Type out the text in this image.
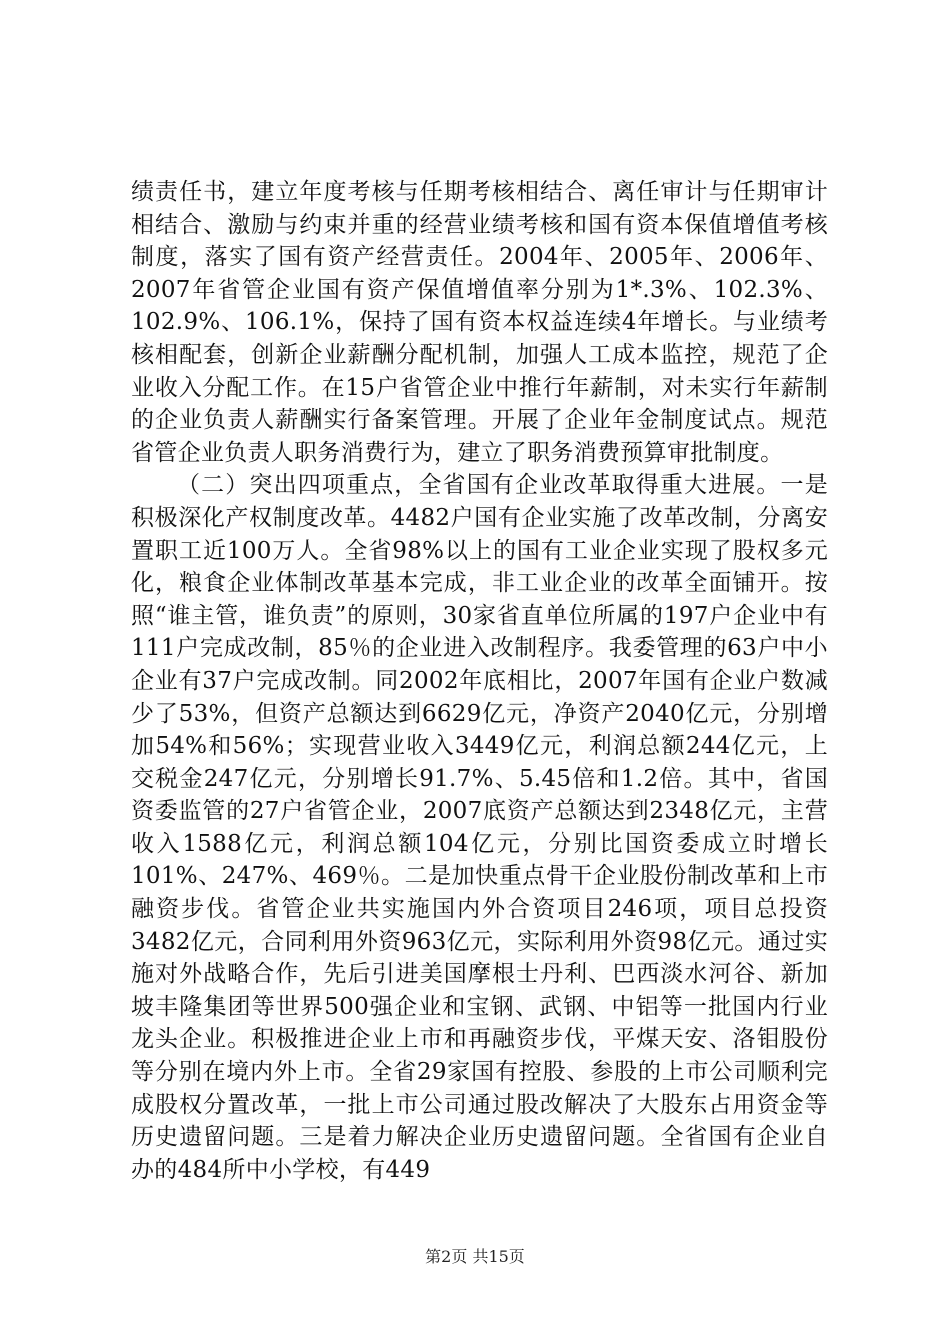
绩责任书，建立年度考核与任期考核相结合、离任审计与任期审计相结合、激励与约束并重的经营业绩考核和国有资本保值增值考核制度，落实了国有资产经营责任。2004年、2005年、2006年、2007年省管企业国有资产保值增值率分别为1*.3%、102.3%、102.9%、106.1%，保持了国有资本权益连续4年增长。与业绩考核相配套，创新企业薪酬分配机制，加强人工成本监控，规范了企业收入分配工作。在15户省管企业中推行年薪制，对未实行年薪制的企业负责人薪酬实行备案管理。开展了企业年金制度试点。规范省管企业负责人职务消费行为，建立了职务消费预算审批制度。

（二）突出四项重点，全省国有企业改革取得重大进展。一是积极深化产权制度改革。4482户国有企业实施了改革改制，分离安置职工近100万人。全省98%以上的国有工业企业实现了股权多元化，粮食企业体制改革基本完成，非工业企业的改革全面铺开。按照“谁主管，谁负责”的原则，30家省直单位所属的197户企业中有111户完成改制，85％的企业进入改制程序。我委管理的63户中小企业有37户完成改制。同2002年底相比，2007年国有企业户数减少了53%，但资产总额达到6629亿元，净资产2040亿元，分别增加54%和56%；实现营业收入3449亿元，利润总额244亿元，上交税金247亿元，分别增长91.7%、5.45倍和1.2倍。其中，省国资委监管的27户省管企业，2007底资产总额达到2348亿元，主营收入1588亿元，利润总额104亿元，分别比国资委成立时增长101%、247%、469％。二是加快重点骨干企业股份制改革和上市融资步伐。省管企业共实施国内外合资项目246项，项目总投资3482亿元，合同利用外资963亿元，实际利用外资98亿元。通过实施对外战略合作，先后引进美国摩根士丹利、巴西淡水河谷、新加坡丰隆集团等世界500强企业和宝钢、武钢、中铝等一批国内行业龙头企业。积极推进企业上市和再融资步伐，平煤天安、洛钼股份等分别在境内外上市。全省29家国有控股、参股的上市公司顺利完成股权分置改革，一批上市公司通过股改解决了大股东占用资金等历史遗留问题。三是着力解决企业历史遗留问题。全省国有企业自办的484所中小学校，有449

第2页 共15页
